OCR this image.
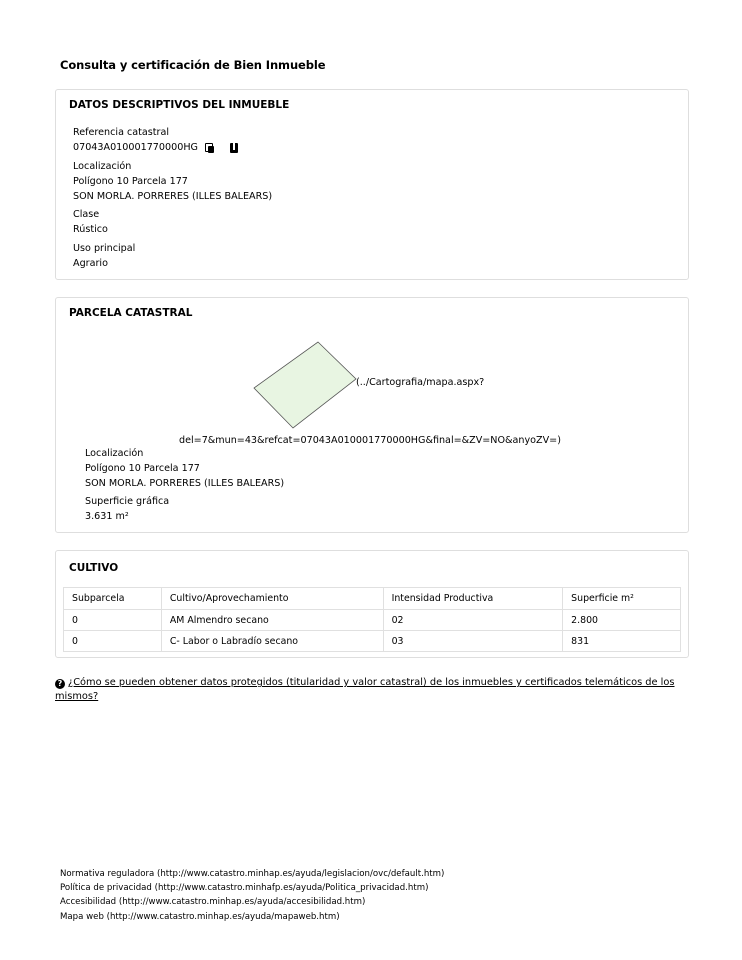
Consulta y certificación de Bien Inmueble
DATOS DESCRIPTIVOS DEL INMUEBLE
Referencia catastral
07043A010001770000HG
Localización
Polígono 10 Parcela 177
SON MORLA. PORRERES (ILLES BALEARS)
Clase
Rústico
Uso principal
Agrario
PARCELA CATASTRAL
(../Cartografia/mapa.aspx?
del=7&mun=43&refcat=07043A010001770000HG&final=&ZV=NO&anyoZV=)
Localización
Polígono 10 Parcela 177
SON MORLA. PORRERES (ILLES BALEARS)
Superficie gráfica
3.631 m²
CULTIVO
Subparcela	Cultivo/Aprovechamiento	Intensidad Productiva	Superficie m²
0	AM Almendro secano	02	2.800
0	C- Labor o Labradío secano	03	831
? ¿Cómo se pueden obtener datos protegidos (titularidad y valor catastral) de los inmuebles y certificados telemáticos de los mismos?
Normativa reguladora (http://www.catastro.minhap.es/ayuda/legislacion/ovc/default.htm)
Política de privacidad (http://www.catastro.minhafp.es/ayuda/Politica_privacidad.htm)
Accesibilidad (http://www.catastro.minhap.es/ayuda/accesibilidad.htm)
Mapa web (http://www.catastro.minhap.es/ayuda/mapaweb.htm)
